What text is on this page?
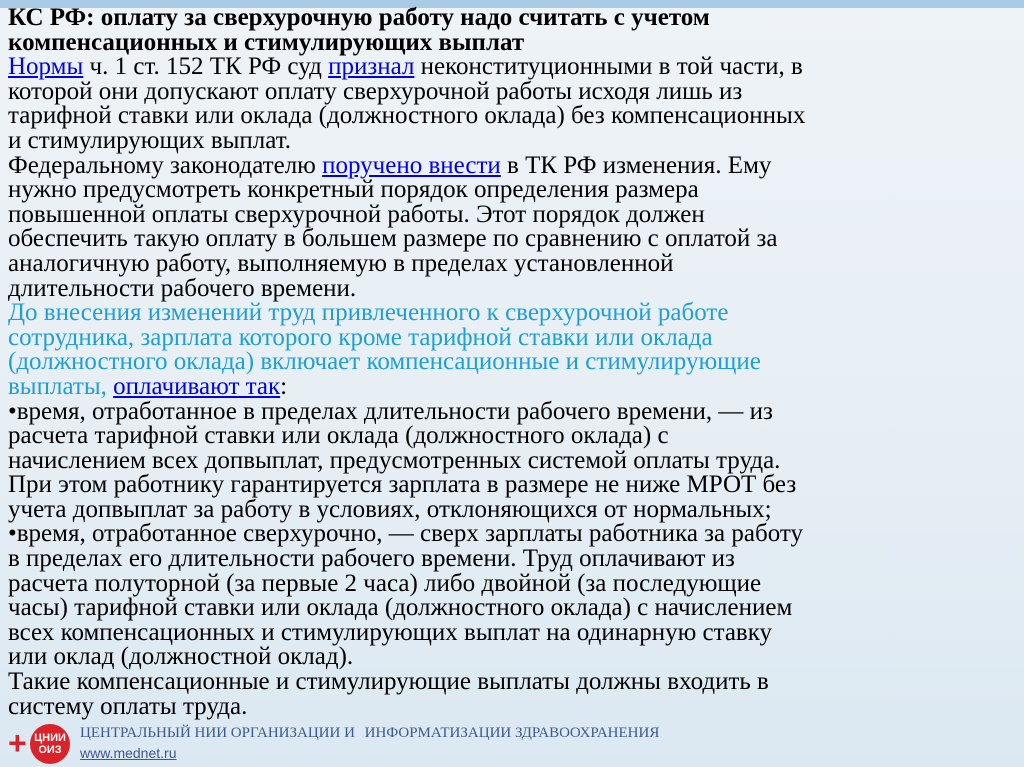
КС РФ: оплату за сверхурочную работу надо считать с учетом
компенсационных и стимулирующих выплат
Нормы ч. 1 ст. 152 ТК РФ суд признал неконституционными в той части, в
которой они допускают оплату сверхурочной работы исходя лишь из
тарифной ставки или оклада (должностного оклада) без компенсационных
и стимулирующих выплат.
Федеральному законодателю поручено внести в ТК РФ изменения. Ему
нужно предусмотреть конкретный порядок определения размера
повышенной оплаты сверхурочной работы. Этот порядок должен
обеспечить такую оплату в большем размере по сравнению с оплатой за
аналогичную работу, выполняемую в пределах установленной
длительности рабочего времени.
До внесения изменений труд привлеченного к сверхурочной работе
сотрудника, зарплата которого кроме тарифной ставки или оклада
(должностного оклада) включает компенсационные и стимулирующие
выплаты, оплачивают так:
•время, отработанное в пределах длительности рабочего времени, — из
расчета тарифной ставки или оклада (должностного оклада) с
начислением всех допвыплат, предусмотренных системой оплаты труда.
При этом работнику гарантируется зарплата в размере не ниже МРОТ без
учета допвыплат за работу в условиях, отклоняющихся от нормальных;
•время, отработанное сверхурочно, — сверх зарплаты работника за работу
в пределах его длительности рабочего времени. Труд оплачивают из
расчета полуторной (за первые 2 часа) либо двойной (за последующие
часы) тарифной ставки или оклада (должностного оклада) с начислением
всех компенсационных и стимулирующих выплат на одинарную ставку
или оклад (должностной оклад).
Такие компенсационные и стимулирующие выплаты должны входить в
систему оплаты труда.
+ ЦНИИ
ОИЗ
ЦЕНТРАЛЬНЫЙ НИИ ОРГАНИЗАЦИИ И ИНФОРМАТИЗАЦИИ ЗДРАВООХРАНЕНИЯ
www.mednet.ru
